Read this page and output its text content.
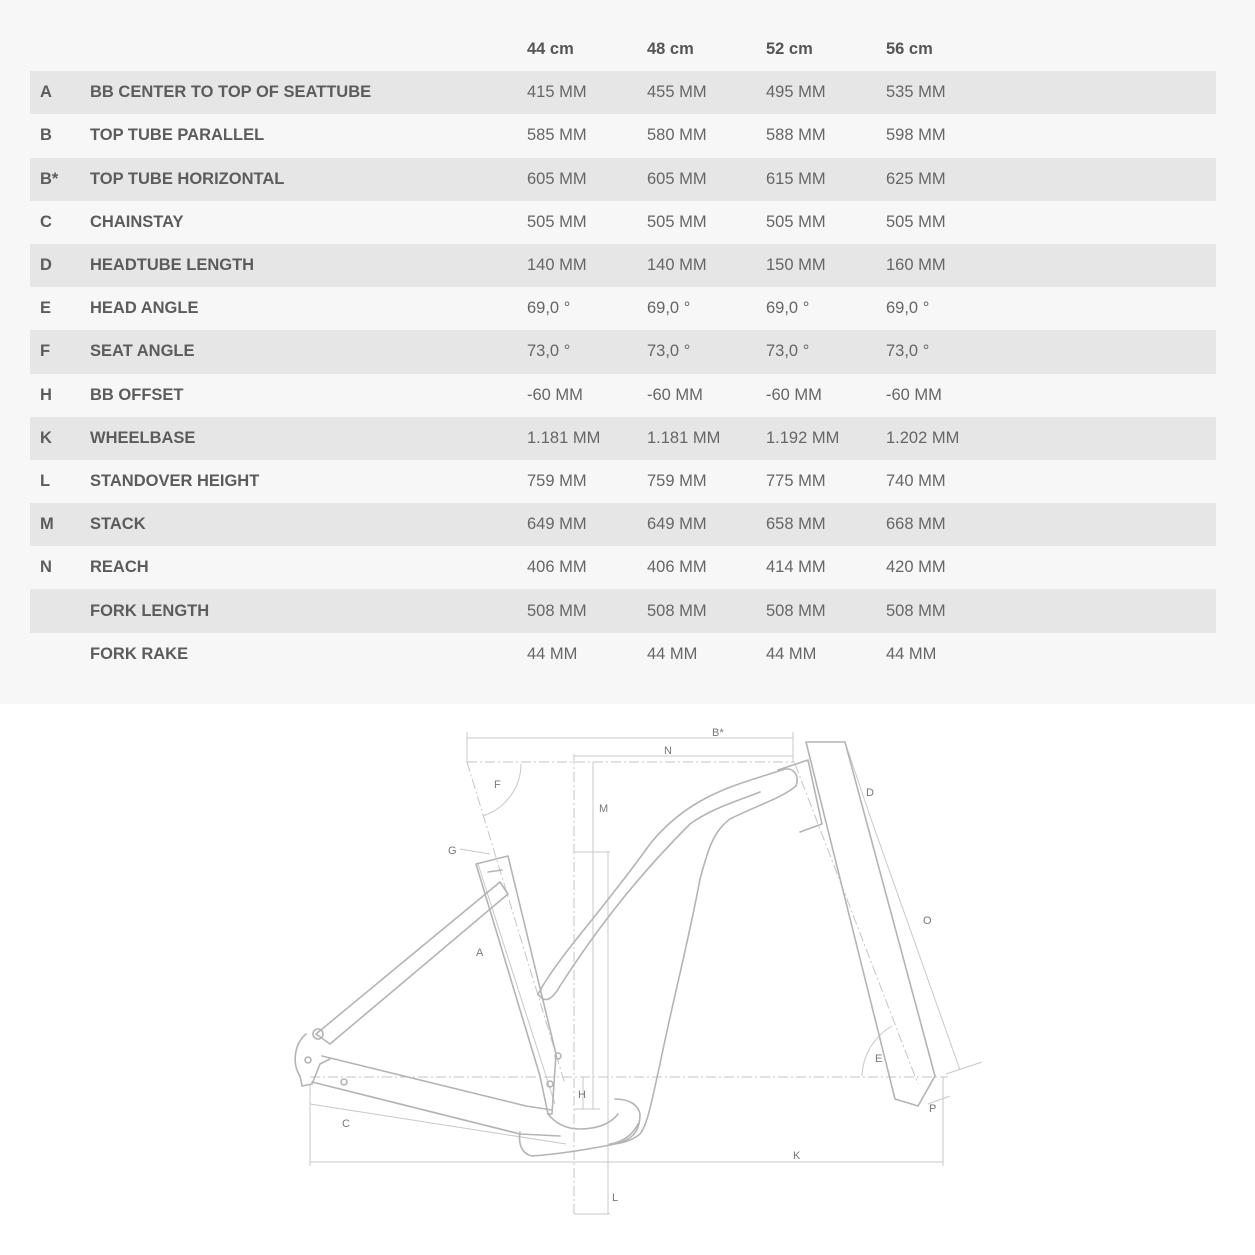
44 cm	48 cm	52 cm	56 cm
A BB CENTER TO TOP OF SEATTUBE	415 MM	455 MM	495 MM	535 MM
B TOP TUBE PARALLEL	585 MM	580 MM	588 MM	598 MM
B* TOP TUBE HORIZONTAL	605 MM	605 MM	615 MM	625 MM
C CHAINSTAY	505 MM	505 MM	505 MM	505 MM
D HEADTUBE LENGTH	140 MM	140 MM	150 MM	160 MM
E HEAD ANGLE	69,0 °	69,0 °	69,0 °	69,0 °
F SEAT ANGLE	73,0 °	73,0 °	73,0 °	73,0 °
H BB OFFSET	-60 MM	-60 MM	-60 MM	-60 MM
K WHEELBASE	1.181 MM	1.181 MM	1.192 MM	1.202 MM
L STANDOVER HEIGHT	759 MM	759 MM	775 MM	740 MM
M STACK	649 MM	649 MM	658 MM	668 MM
N REACH	406 MM	406 MM	414 MM	420 MM
FORK LENGTH	508 MM	508 MM	508 MM	508 MM
FORK RAKE	44 MM	44 MM	44 MM	44 MM
B*
N
F
M
D
G
A
O
E
H
C
P
K
L
